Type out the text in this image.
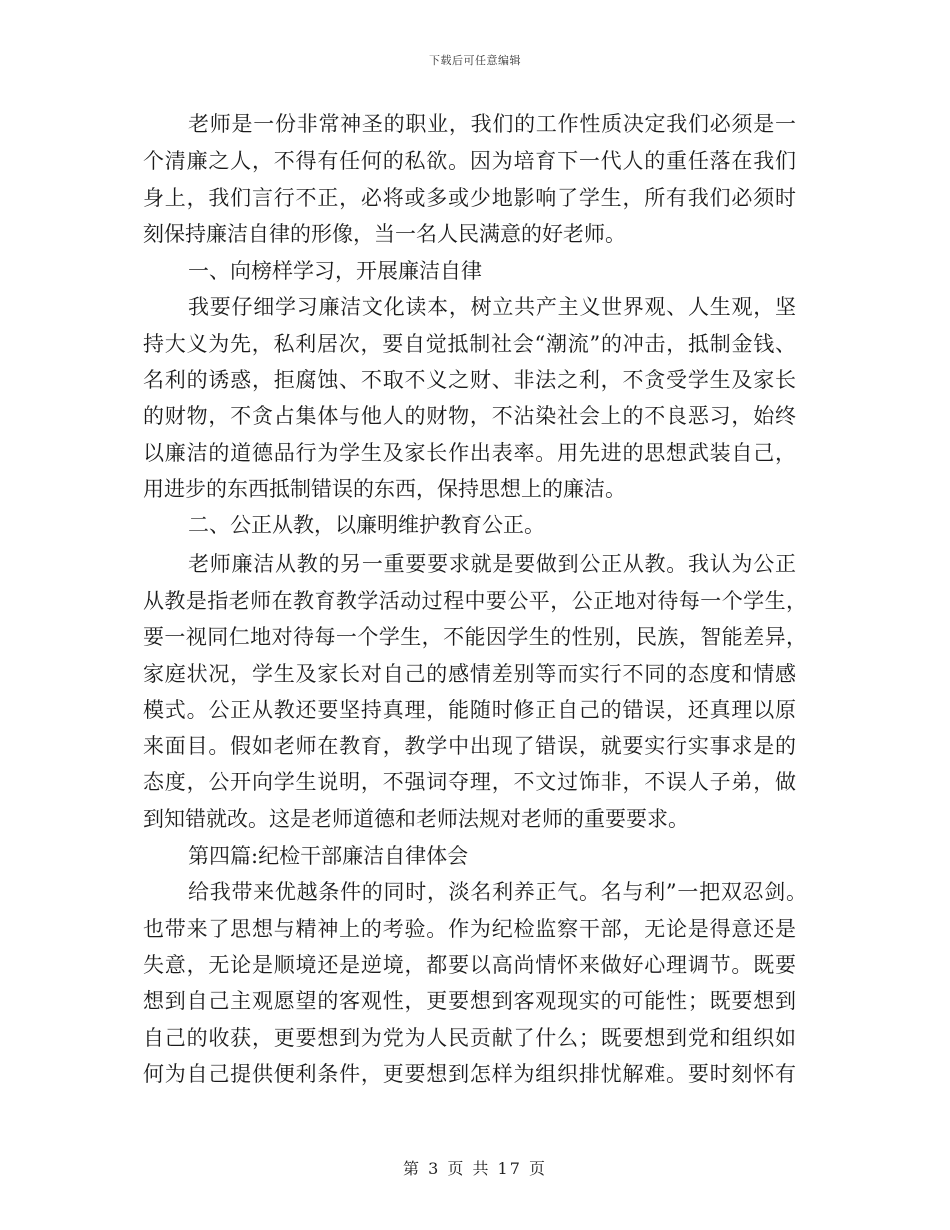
下载后可任意编辑
老师是一份非常神圣的职业，我们的工作性质决定我们必须是一
个清廉之人，不得有任何的私欲。因为培育下一代人的重任落在我们
身上，我们言行不正，必将或多或少地影响了学生，所有我们必须时
刻保持廉洁自律的形像，当一名人民满意的好老师。
一、向榜样学习，开展廉洁自律
我要仔细学习廉洁文化读本，树立共产主义世界观、人生观，坚
持大义为先，私利居次，要自觉抵制社会“潮流”的冲击，抵制金钱、
名利的诱惑，拒腐蚀、不取不义之财、非法之利，不贪受学生及家长
的财物，不贪占集体与他人的财物，不沾染社会上的不良恶习，始终
以廉洁的道德品行为学生及家长作出表率。用先进的思想武装自己，
用进步的东西抵制错误的东西，保持思想上的廉洁。
二、公正从教，以廉明维护教育公正。
老师廉洁从教的另一重要要求就是要做到公正从教。我认为公正
从教是指老师在教育教学活动过程中要公平，公正地对待每一个学生，
要一视同仁地对待每一个学生，不能因学生的性别，民族，智能差异，
家庭状况，学生及家长对自己的感情差别等而实行不同的态度和情感
模式。公正从教还要坚持真理，能随时修正自己的错误，还真理以原
来面目。假如老师在教育，教学中出现了错误，就要实行实事求是的
态度，公开向学生说明，不强词夺理，不文过饰非，不误人子弟，做
到知错就改。这是老师道德和老师法规对老师的重要要求。
第四篇:纪检干部廉洁自律体会
给我带来优越条件的同时，淡名利养正气。名与利”一把双忍剑。
也带来了思想与精神上的考验。作为纪检监察干部，无论是得意还是
失意，无论是顺境还是逆境，都要以高尚情怀来做好心理调节。既要
想到自己主观愿望的客观性，更要想到客观现实的可能性；既要想到
自己的收获，更要想到为党为人民贡献了什么；既要想到党和组织如
何为自己提供便利条件，更要想到怎样为组织排忧解难。要时刻怀有
第 3 页 共 17 页
